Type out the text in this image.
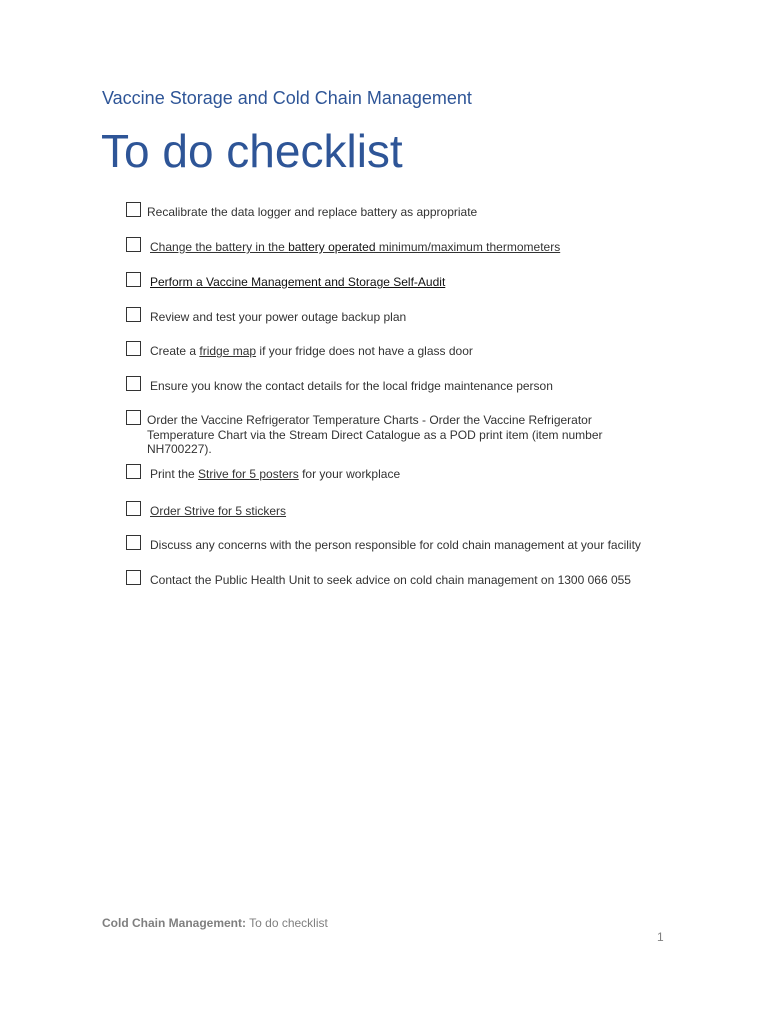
Vaccine Storage and Cold Chain Management
To do checklist
Recalibrate the data logger and replace battery as appropriate
Change the battery in the battery operated minimum/maximum thermometers
Perform a Vaccine Management and Storage Self-Audit
Review and test your power outage backup plan
Create a fridge map if your fridge does not have a glass door
Ensure you know the contact details for the local fridge maintenance person
Order the Vaccine Refrigerator Temperature Charts - Order the Vaccine Refrigerator Temperature Chart via the Stream Direct Catalogue as a POD print item (item number NH700227).
Print the Strive for 5 posters for your workplace
Order Strive for 5 stickers
Discuss any concerns with the person responsible for cold chain management at your facility
Contact the Public Health Unit to seek advice on cold chain management on 1300 066 055
Cold Chain Management: To do checklist
1
